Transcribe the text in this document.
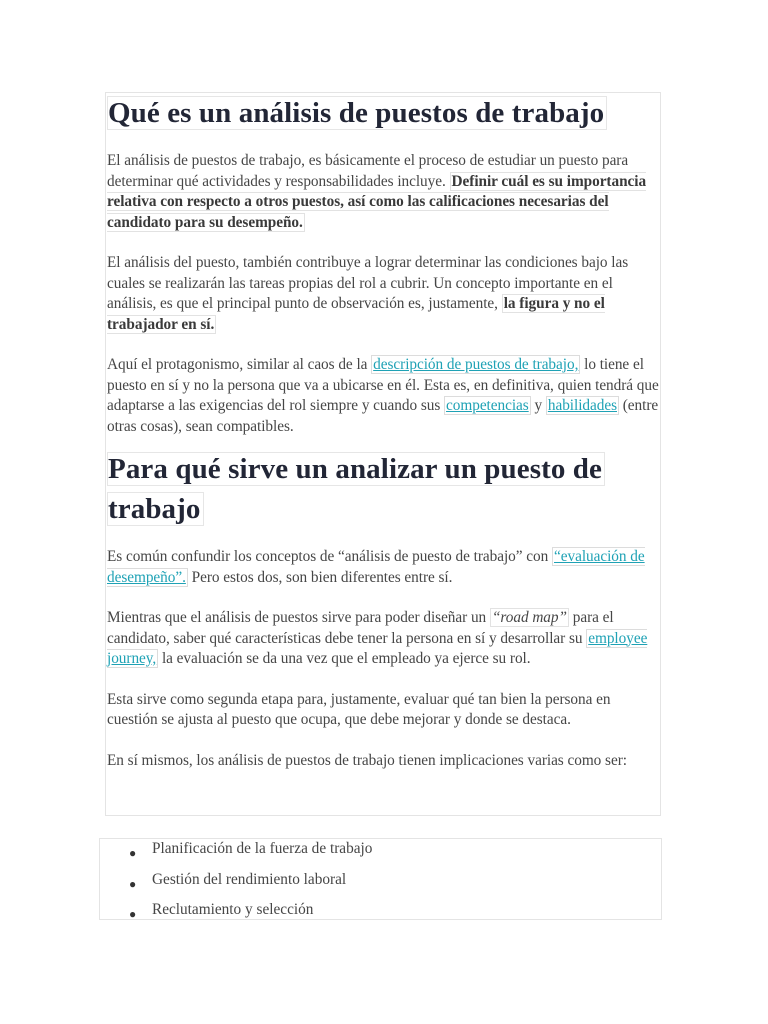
Qué es un análisis de puestos de trabajo

El análisis de puestos de trabajo, es básicamente el proceso de estudiar un puesto para determinar qué actividades y responsabilidades incluye. Definir cuál es su importancia relativa con respecto a otros puestos, así como las calificaciones necesarias del candidato para su desempeño.

El análisis del puesto, también contribuye a lograr determinar las condiciones bajo las cuales se realizarán las tareas propias del rol a cubrir. Un concepto importante en el análisis, es que el principal punto de observación es, justamente, la figura y no el trabajador en sí.

Aquí el protagonismo, similar al caos de la descripción de puestos de trabajo, lo tiene el puesto en sí y no la persona que va a ubicarse en él. Esta es, en definitiva, quien tendrá que adaptarse a las exigencias del rol siempre y cuando sus competencias y habilidades (entre otras cosas), sean compatibles.

Para qué sirve un analizar un puesto de
trabajo

Es común confundir los conceptos de “análisis de puesto de trabajo” con “evaluación de desempeño”. Pero estos dos, son bien diferentes entre sí.

Mientras que el análisis de puestos sirve para poder diseñar un “road map” para el candidato, saber qué características debe tener la persona en sí y desarrollar su employee journey, la evaluación se da una vez que el empleado ya ejerce su rol.

Esta sirve como segunda etapa para, justamente, evaluar qué tan bien la persona en cuestión se ajusta al puesto que ocupa, que debe mejorar y donde se destaca.

En sí mismos, los análisis de puestos de trabajo tienen implicaciones varias como ser:

● Planificación de la fuerza de trabajo
● Gestión del rendimiento laboral
● Reclutamiento y selección
